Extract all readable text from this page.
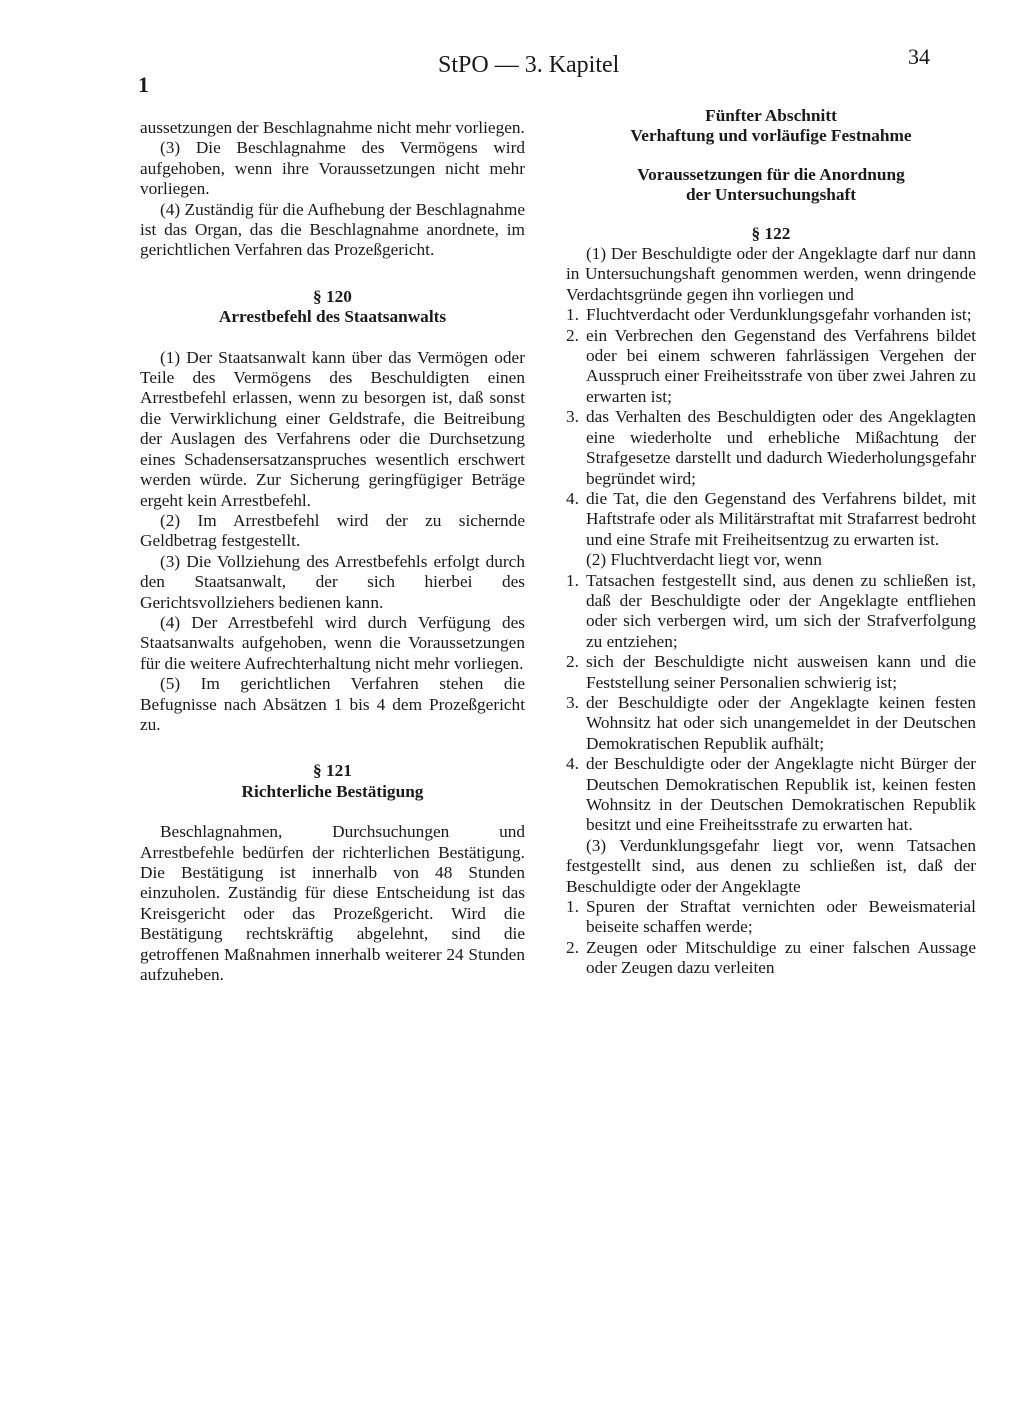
1
StPO — 3. Kapitel	34

aussetzungen der Beschlagnahme nicht mehr vorliegen.

(3) Die Beschlagnahme des Vermögens wird aufgehoben, wenn ihre Voraussetzungen nicht mehr vorliegen.

(4) Zuständig für die Aufhebung der Beschlagnahme ist das Organ, das die Beschlagnahme anordnete, im gerichtlichen Verfahren das Prozeßgericht.

§ 120
Arrestbefehl des Staatsanwalts

(1) Der Staatsanwalt kann über das Vermögen oder Teile des Vermögens des Beschuldigten einen Arrestbefehl erlassen, wenn zu besorgen ist, daß sonst die Verwirklichung einer Geldstrafe, die Beitreibung der Auslagen des Verfahrens oder die Durchsetzung eines Schadensersatzanspruches wesentlich erschwert werden würde. Zur Sicherung geringfügiger Beträge ergeht kein Arrestbefehl.

(2) Im Arrestbefehl wird der zu sichernde Geldbetrag festgestellt.

(3) Die Vollziehung des Arrestbefehls erfolgt durch den Staatsanwalt, der sich hierbei des Gerichtsvollziehers bedienen kann.

(4) Der Arrestbefehl wird durch Verfügung des Staatsanwalts aufgehoben, wenn die Voraussetzungen für die weitere Aufrechterhaltung nicht mehr vorliegen.

(5) Im gerichtlichen Verfahren stehen die Befugnisse nach Absätzen 1 bis 4 dem Prozeßgericht zu.

§ 121
Richterliche Bestätigung

Beschlagnahmen, Durchsuchungen und Arrestbefehle bedürfen der richterlichen Bestätigung. Die Bestätigung ist innerhalb von 48 Stunden einzuholen. Zuständig für diese Entscheidung ist das Kreisgericht oder das Prozeßgericht. Wird die Bestätigung rechtskräftig abgelehnt, sind die getroffenen Maßnahmen innerhalb weiterer 24 Stunden aufzuheben.

Fünfter Abschnitt
Verhaftung und vorläufige Festnahme
Voraussetzungen für die Anordnung
der Untersuchungshaft
§ 122

(1) Der Beschuldigte oder der Angeklagte darf nur dann in Untersuchungshaft genommen werden, wenn dringende Verdachtsgründe gegen ihn vorliegen und

1. Fluchtverdacht oder Verdunklungsgefahr vorhanden ist;
2. ein Verbrechen den Gegenstand des Verfahrens bildet oder bei einem schweren fahrlässigen Vergehen der Ausspruch einer Freiheitsstrafe von über zwei Jahren zu erwarten ist;
3. das Verhalten des Beschuldigten oder des Angeklagten eine wiederholte und erhebliche Mißachtung der Strafgesetze darstellt und dadurch Wiederholungsgefahr begründet wird;
4. die Tat, die den Gegenstand des Verfahrens bildet, mit Haftstrafe oder als Militärstraftat mit Strafarrest bedroht und eine Strafe mit Freiheitsentzug zu erwarten ist.

(2) Fluchtverdacht liegt vor, wenn

1. Tatsachen festgestellt sind, aus denen zu schließen ist, daß der Beschuldigte oder der Angeklagte entfliehen oder sich verbergen wird, um sich der Strafverfolgung zu entziehen;
2. sich der Beschuldigte nicht ausweisen kann und die Feststellung seiner Personalien schwierig ist;
3. der Beschuldigte oder der Angeklagte keinen festen Wohnsitz hat oder sich unangemeldet in der Deutschen Demokratischen Republik aufhält;
4. der Beschuldigte oder der Angeklagte nicht Bürger der Deutschen Demokratischen Republik ist, keinen festen Wohnsitz in der Deutschen Demokratischen Republik besitzt und eine Freiheitsstrafe zu erwarten hat.

(3) Verdunklungsgefahr liegt vor, wenn Tatsachen festgestellt sind, aus denen zu schließen ist, daß der Beschuldigte oder der Angeklagte

1. Spuren der Straftat vernichten oder Beweismaterial beiseite schaffen werde;
2. Zeugen oder Mitschuldige zu einer falschen Aussage oder Zeugen dazu verleiten
